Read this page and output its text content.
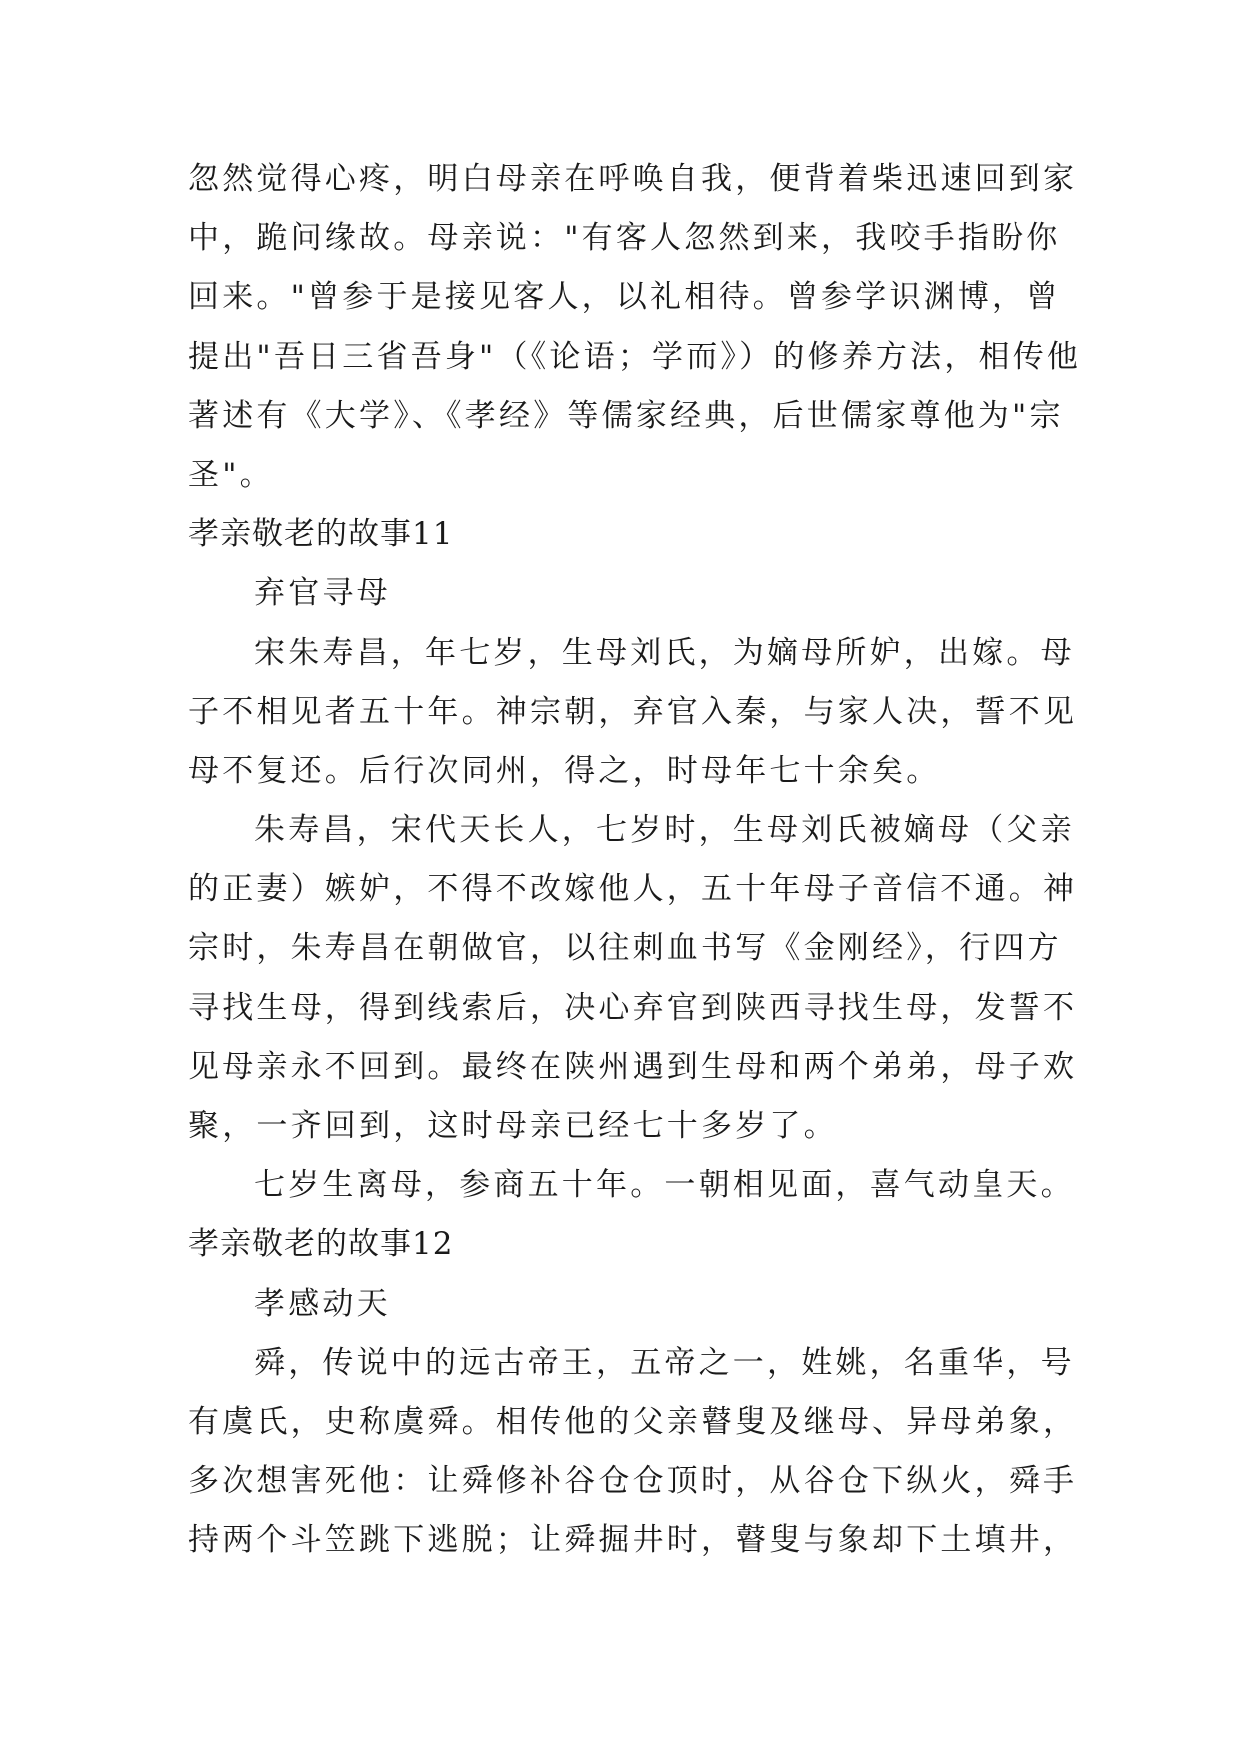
忽然觉得心疼，明白母亲在呼唤自我，便背着柴迅速回到家
中，跪问缘故。母亲说："有客人忽然到来，我咬手指盼你
回来。"曾参于是接见客人，以礼相待。曾参学识渊博，曾
提出"吾日三省吾身"（《论语；学而》）的修养方法，相传他
著述有《大学》、《孝经》等儒家经典，后世儒家尊他为"宗
圣"。
孝亲敬老的故事11
弃官寻母
宋朱寿昌，年七岁，生母刘氏，为嫡母所妒，出嫁。母
子不相见者五十年。神宗朝，弃官入秦，与家人决，誓不见
母不复还。后行次同州，得之，时母年七十余矣。
朱寿昌，宋代天长人，七岁时，生母刘氏被嫡母（父亲
的正妻）嫉妒，不得不改嫁他人，五十年母子音信不通。神
宗时，朱寿昌在朝做官，以往刺血书写《金刚经》，行四方
寻找生母，得到线索后，决心弃官到陕西寻找生母，发誓不
见母亲永不回到。最终在陕州遇到生母和两个弟弟，母子欢
聚，一齐回到，这时母亲已经七十多岁了。
七岁生离母，参商五十年。一朝相见面，喜气动皇天。
孝亲敬老的故事12
孝感动天
舜，传说中的远古帝王，五帝之一，姓姚，名重华，号
有虞氏，史称虞舜。相传他的父亲瞽叟及继母、异母弟象，
多次想害死他：让舜修补谷仓仓顶时，从谷仓下纵火，舜手
持两个斗笠跳下逃脱；让舜掘井时，瞽叟与象却下土填井，
